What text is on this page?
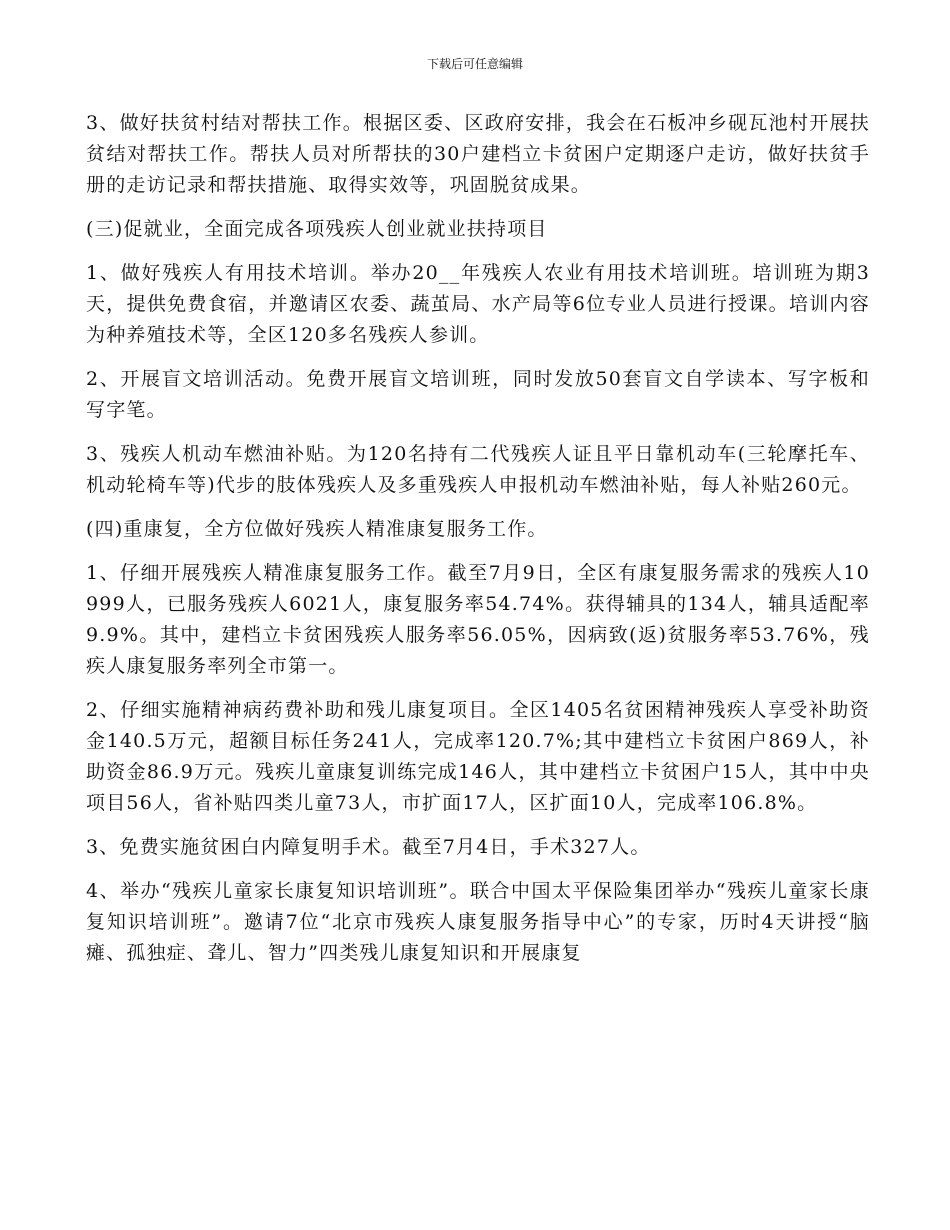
下载后可任意编辑

3、做好扶贫村结对帮扶工作。根据区委、区政府安排，我会在石板冲乡砚瓦池村开展扶贫结对帮扶工作。帮扶人员对所帮扶的30户建档立卡贫困户定期逐户走访，做好扶贫手册的走访记录和帮扶措施、取得实效等，巩固脱贫成果。

(三)促就业，全面完成各项残疾人创业就业扶持项目

1、做好残疾人有用技术培训。举办20__年残疾人农业有用技术培训班。培训班为期3天，提供免费食宿，并邀请区农委、蔬茧局、水产局等6位专业人员进行授课。培训内容为种养殖技术等，全区120多名残疾人参训。

2、开展盲文培训活动。免费开展盲文培训班，同时发放50套盲文自学读本、写字板和写字笔。

3、残疾人机动车燃油补贴。为120名持有二代残疾人证且平日靠机动车(三轮摩托车、机动轮椅车等)代步的肢体残疾人及多重残疾人申报机动车燃油补贴，每人补贴260元。

(四)重康复，全方位做好残疾人精准康复服务工作。

1、仔细开展残疾人精准康复服务工作。截至7月9日，全区有康复服务需求的残疾人10999人，已服务残疾人6021人，康复服务率54.74%。获得辅具的134人，辅具适配率9.9%。其中，建档立卡贫困残疾人服务率56.05%，因病致(返)贫服务率53.76%，残疾人康复服务率列全市第一。

2、仔细实施精神病药费补助和残儿康复项目。全区1405名贫困精神残疾人享受补助资金140.5万元，超额目标任务241人，完成率120.7%;其中建档立卡贫困户869人，补助资金86.9万元。残疾儿童康复训练完成146人，其中建档立卡贫困户15人，其中中央项目56人，省补贴四类儿童73人，市扩面17人，区扩面10人，完成率106.8%。

3、免费实施贫困白内障复明手术。截至7月4日，手术327人。

4、举办“残疾儿童家长康复知识培训班”。联合中国太平保险集团举办“残疾儿童家长康复知识培训班”。邀请7位“北京市残疾人康复服务指导中心”的专家，历时4天讲授“脑瘫、孤独症、聋儿、智力”四类残儿康复知识和开展康复
